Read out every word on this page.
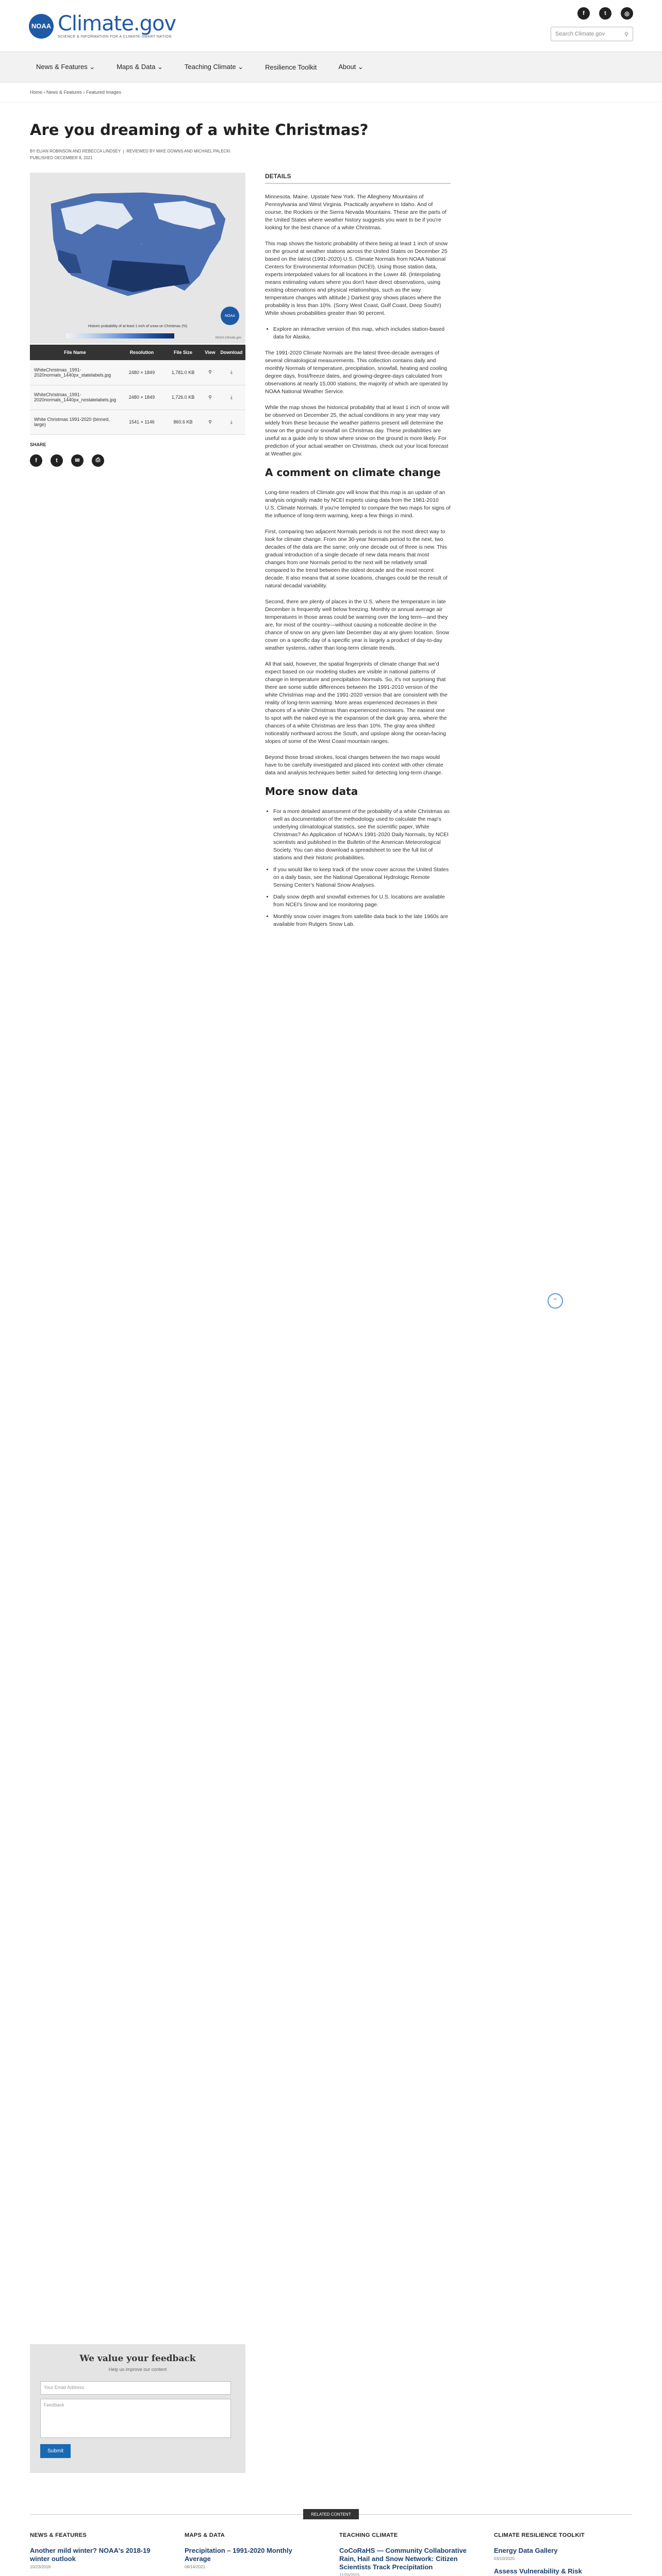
NOAA Climate.gov
SCIENCE & INFORMATION FOR A CLIMATE-SMART NATION
f	t	◎
Search Climate.gov	⚲
News & Features ⌄	Maps & Data ⌄	Teaching Climate ⌄	Resilience Toolkit	About ⌄
Home › News & Features › Featured Images
Are you dreaming of a white Christmas?
BY ELIAN ROBINSON AND REBECCA LINDSEY  |  REVIEWED BY MIKE DOWNS AND MICHAEL PALECKI
PUBLISHED DECEMBER 8, 2021
.
Historic probability of at least 1 inch of snow on Christmas (%)
NOAA
NOAA Climate.gov
File Name	Resolution	File Size	View	Download
WhiteChristmas_1991-2020normals_1440px_statelabels.jpg	2480 × 1849	1,781.0 KB	⚲	⤓
WhiteChristmas_1991-2020normals_1440px_nostatelabels.jpg	2480 × 1849	1,726.0 KB	⚲	⤓
White Christmas 1991-2020 (binned, large)	1541 × 1146	860.6 KB	⚲	⤓
SHARE
f	t	✉	⎙
DETAILS

Minnesota. Maine. Upstate New York. The Allegheny Mountains of Pennsylvania and West Virginia. Practically anywhere in Idaho. And of course, the Rockies or the Sierra Nevada Mountains. These are the parts of the United States where weather history suggests you want to be if you're looking for the best chance of a white Christmas.

This map shows the historic probability of there being at least 1 inch of snow on the ground at weather stations across the United States on December 25 based on the latest (1991-2020) U.S. Climate Normals from NOAA National Centers for Environmental Information (NCEI). Using those station data, experts interpolated values for all locations in the Lower 48. (Interpolating means estimating values where you don't have direct observations, using existing observations and physical relationships, such as the way temperature changes with altitude.) Darkest gray shows places where the probability is less than 10%. (Sorry West Coast, Gulf Coast, Deep South!) White shows probabilities greater than 90 percent.

• Explore an interactive version of this map, which includes station-based data for Alaska.

The 1991-2020 Climate Normals are the latest three-decade averages of several climatological measurements. This collection contains daily and monthly Normals of temperature, precipitation, snowfall, heating and cooling degree days, frost/freeze dates, and growing-degree-days calculated from observations at nearly 15,000 stations, the majority of which are operated by NOAA National Weather Service.

While the map shows the historical probability that at least 1 inch of snow will be observed on December 25, the actual conditions in any year may vary widely from these because the weather patterns present will determine the snow on the ground or snowfall on Christmas day. These probabilities are useful as a guide only to show where snow on the ground is more likely. For prediction of your actual weather on Christmas, check out your local forecast at Weather.gov.

A comment on climate change

Long-time readers of Climate.gov will know that this map is an update of an analysis originally made by NCEI experts using data from the 1981-2010 U.S. Climate Normals. If you're tempted to compare the two maps for signs of the influence of long-term warming, keep a few things in mind.

First, comparing two adjacent Normals periods is not the most direct way to look for climate change. From one 30-year Normals period to the next, two decades of the data are the same; only one decade out of three is new. This gradual introduction of a single decade of new data means that most changes from one Normals period to the next will be relatively small compared to the trend between the oldest decade and the most recent decade. It also means that at some locations, changes could be the result of natural decadal variability.

Second, there are plenty of places in the U.S. where the temperature in late December is frequently well below freezing. Monthly or annual average air temperatures in those areas could be warming over the long term—and they are, for most of the country—without causing a noticeable decline in the chance of snow on any given late December day at any given location. Snow cover on a specific day of a specific year is largely a product of day-to-day weather systems, rather than long-term climate trends.

All that said, however, the spatial fingerprints of climate change that we'd expect based on our modeling studies are visible in national patterns of change in temperature and precipitation Normals. So, it's not surprising that there are some subtle differences between the 1991-2010 version of the white Christmas map and the 1991-2020 version that are consistent with the reality of long-term warming. More areas experienced decreases in their chances of a white Christmas than experienced increases. The easiest one to spot with the naked eye is the expansion of the dark gray area, where the chances of a white Christmas are less than 10%. The gray area shifted noticeably northward across the South, and upslope along the ocean-facing slopes of some of the West Coast mountain ranges.

Beyond those broad strokes, local changes between the two maps would have to be carefully investigated and placed into context with other climate data and analysis techniques better suited for detecting long-term change.

More snow data
• For a more detailed assessment of the probability of a white Christmas as well as documentation of the methodology used to calculate the map's underlying climatological statistics, see the scientific paper, White Christmas? An Application of NOAA's 1991-2020 Daily Normals, by NCEI scientists and published in the Bulletin of the American Meteorological Society. You can also download a spreadsheet to see the full list of stations and their historic probabilities.
• If you would like to keep track of the snow cover across the United States on a daily basis, see the National Operational Hydrologic Remote Sensing Center's National Snow Analyses.
• Daily snow depth and snowfall extremes for U.S. locations are available from NCEI's Snow and Ice monitoring page.
• Monthly snow cover images from satellite data back to the late 1960s are available from Rutgers Snow Lab.
⌃
We value your feedback
Help us improve our content
Your Email Address
Feedback
Submit
RELATED CONTENT
NEWS & FEATURES
Another mild winter? NOAA's 2018-19 winter outlook
10/23/2018
MAPS & DATA
Precipitation – 1991-2020 Monthly Average
06/14/2021
TEACHING CLIMATE
CoCoRaHS — Community Collaborative Rain, Hail and Snow Network: Citizen Scientists Track Precipitation
11/20/2015
CLIMATE RESILIENCE TOOLKIT
Energy Data Gallery
03/10/2020
Assess Vulnerability & Risk
